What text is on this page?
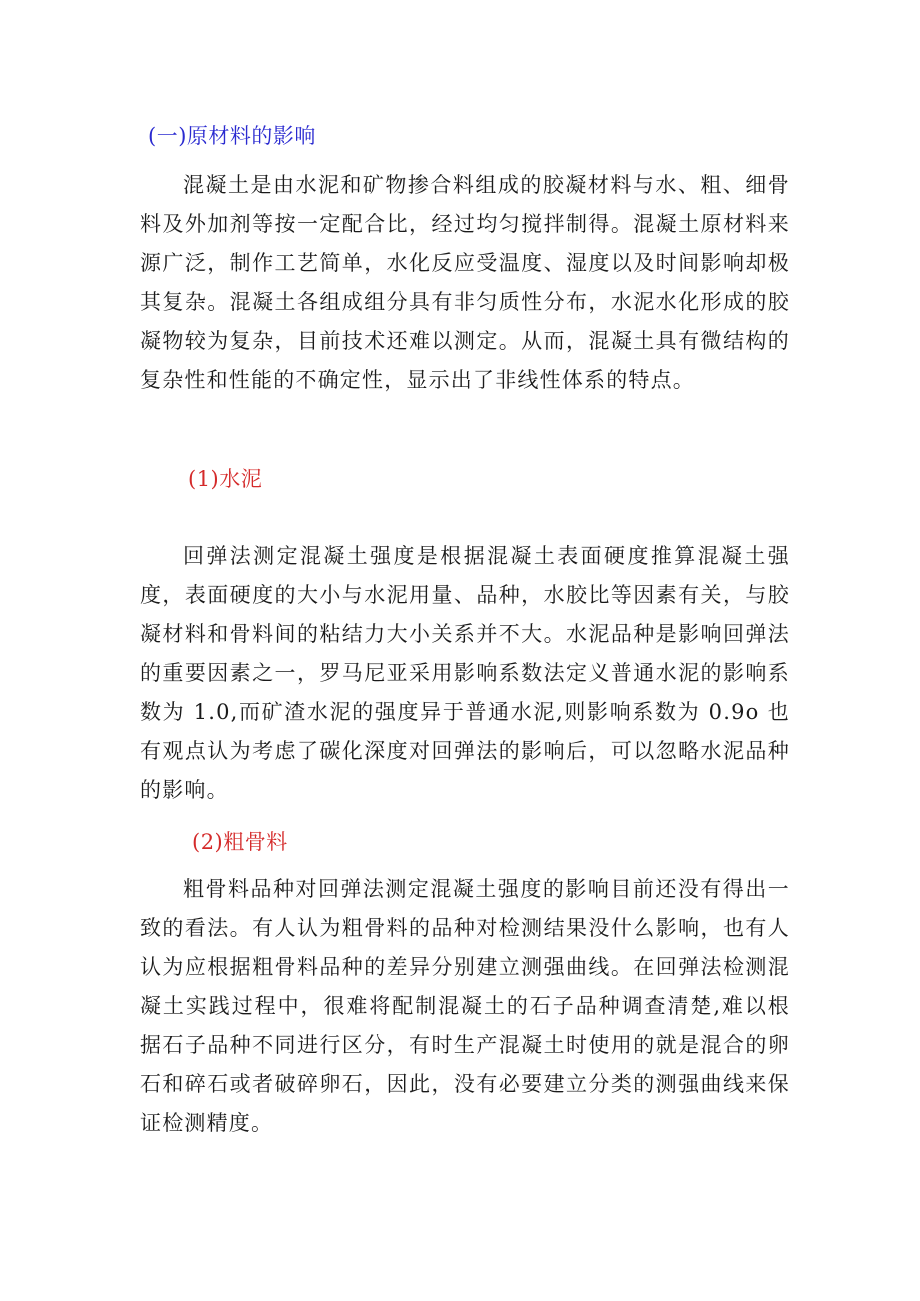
(一)原材料的影响

混凝土是由水泥和矿物掺合料组成的胶凝材料与水、粗、细骨料及外加剂等按一定配合比，经过均匀搅拌制得。混凝土原材料来源广泛，制作工艺简单，水化反应受温度、湿度以及时间影响却极其复杂。混凝土各组成组分具有非匀质性分布，水泥水化形成的胶凝物较为复杂，目前技术还难以测定。从而，混凝土具有微结构的复杂性和性能的不确定性，显示出了非线性体系的特点。

(1)水泥

回弹法测定混凝土强度是根据混凝土表面硬度推算混凝土强度，表面硬度的大小与水泥用量、品种，水胶比等因素有关，与胶凝材料和骨料间的粘结力大小关系并不大。水泥品种是影响回弹法的重要因素之一，罗马尼亚采用影响系数法定义普通水泥的影响系数为 1.0,而矿渣水泥的强度异于普通水泥,则影响系数为 0.9o 也有观点认为考虑了碳化深度对回弹法的影响后，可以忽略水泥品种的影响。

(2)粗骨料

粗骨料品种对回弹法测定混凝土强度的影响目前还没有得出一致的看法。有人认为粗骨料的品种对检测结果没什么影响，也有人认为应根据粗骨料品种的差异分别建立测强曲线。在回弹法检测混凝土实践过程中，很难将配制混凝土的石子品种调查清楚,难以根据石子品种不同进行区分，有时生产混凝土时使用的就是混合的卵石和碎石或者破碎卵石，因此，没有必要建立分类的测强曲线来保证检测精度。
